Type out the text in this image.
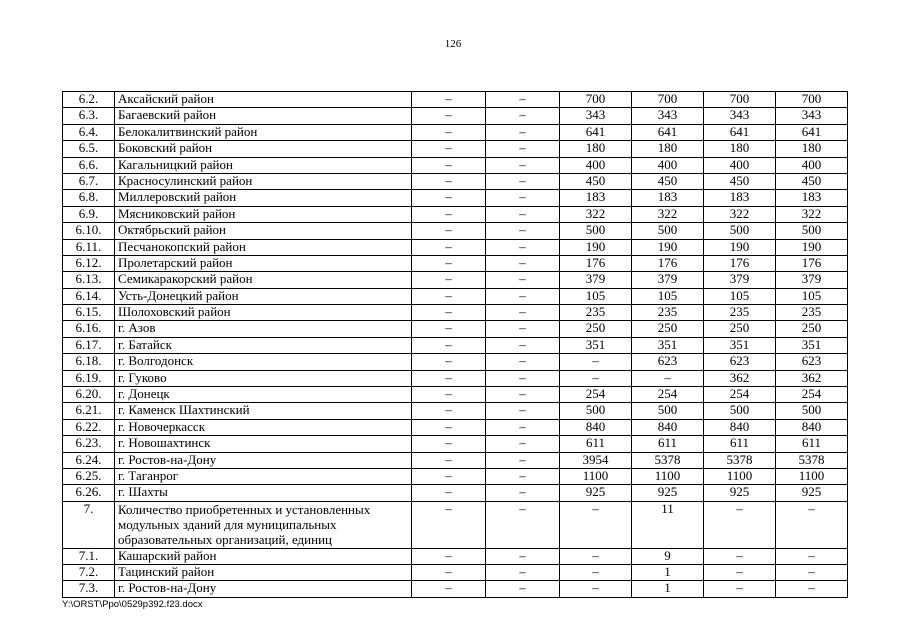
126
6.2.	Аксайский район	–	–	700	700	700	700
6.3.	Багаевский район	–	–	343	343	343	343
6.4.	Белокалитвинский район	–	–	641	641	641	641
6.5.	Боковский район	–	–	180	180	180	180
6.6.	Кагальницкий район	–	–	400	400	400	400
6.7.	Красносулинский район	–	–	450	450	450	450
6.8.	Миллеровский район	–	–	183	183	183	183
6.9.	Мясниковский район	–	–	322	322	322	322
6.10.	Октябрьский район	–	–	500	500	500	500
6.11.	Песчанокопский район	–	–	190	190	190	190
6.12.	Пролетарский район	–	–	176	176	176	176
6.13.	Семикаракорский район	–	–	379	379	379	379
6.14.	Усть-Донецкий район	–	–	105	105	105	105
6.15.	Шолоховский район	–	–	235	235	235	235
6.16.	г. Азов	–	–	250	250	250	250
6.17.	г. Батайск	–	–	351	351	351	351
6.18.	г. Волгодонск	–	–	–	623	623	623
6.19.	г. Гуково	–	–	–	–	362	362
6.20.	г. Донецк	–	–	254	254	254	254
6.21.	г. Каменск Шахтинский	–	–	500	500	500	500
6.22.	г. Новочеркасск	–	–	840	840	840	840
6.23.	г. Новошахтинск	–	–	611	611	611	611
6.24.	г. Ростов-на-Дону	–	–	3954	5378	5378	5378
6.25.	г. Таганрог	–	–	1100	1100	1100	1100
6.26.	г. Шахты	–	–	925	925	925	925
7.	Количество приобретенных и установленных модульных зданий для муниципальных образовательных организаций, единиц	–	–	–	11	–	–
7.1.	Кашарский район	–	–	–	9	–	–
7.2.	Тацинский район	–	–	–	1	–	–
7.3.	г. Ростов-на-Дону	–	–	–	1	–	–
Y:\ORST\Ppo\0529p392.f23.docx
